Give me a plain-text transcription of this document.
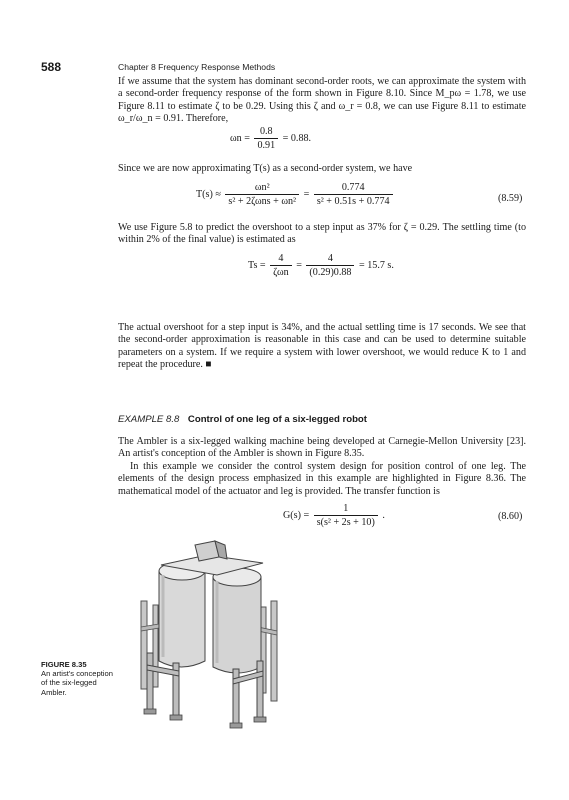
588	Chapter 8 Frequency Response Methods

If we assume that the system has dominant second-order roots, we can approximate the system with a second-order frequency response of the form shown in Figure 8.10. Since M_pω = 1.78, we use Figure 8.11 to estimate ζ to be 0.29. Using this ζ and ω_r = 0.8, we can use Figure 8.11 to estimate ω_r/ω_n = 0.91. Therefore,

$\omega n = \frac{0.8}{0.91} = 0.88$.

Since we are now approximating T(s) as a second-order system, we have

$T(s) \approx \frac{\text{ωn²}}{\text{s² + 2ζωns + ωn²}} = \frac{0.774}{\text{s² + 0.51s + 0.774}}$	(8.59)

We use Figure 5.8 to predict the overshoot to a step input as 37% for ζ = 0.29. The settling time (to within 2% of the final value) is estimated as

$Ts = \frac{4}{\text{ζωn}} = \frac{4}{(0.29)0.88} = 15.7$ s.

The actual overshoot for a step input is 34%, and the actual settling time is 17 seconds. We see that the second-order approximation is reasonable in this case and can be used to determine suitable parameters on a system. If we require a system with lower overshoot, we would reduce K to 1 and repeat the procedure. ■

EXAMPLE 8.8 Control of one leg of a six-legged robot

The Ambler is a six-legged walking machine being developed at Carnegie-Mellon University [23]. An artist's conception of the Ambler is shown in Figure 8.35.

In this example we consider the control system design for position control of one leg. The elements of the design process emphasized in this example are highlighted in Figure 8.36. The mathematical model of the actuator and leg is provided. The transfer function is

$G(s) = \frac{1}{\text{s(s² + 2s + 10)}}$ .	(8.60)
FIGURE 8.35
An artist's conception of the six-legged Ambler.
